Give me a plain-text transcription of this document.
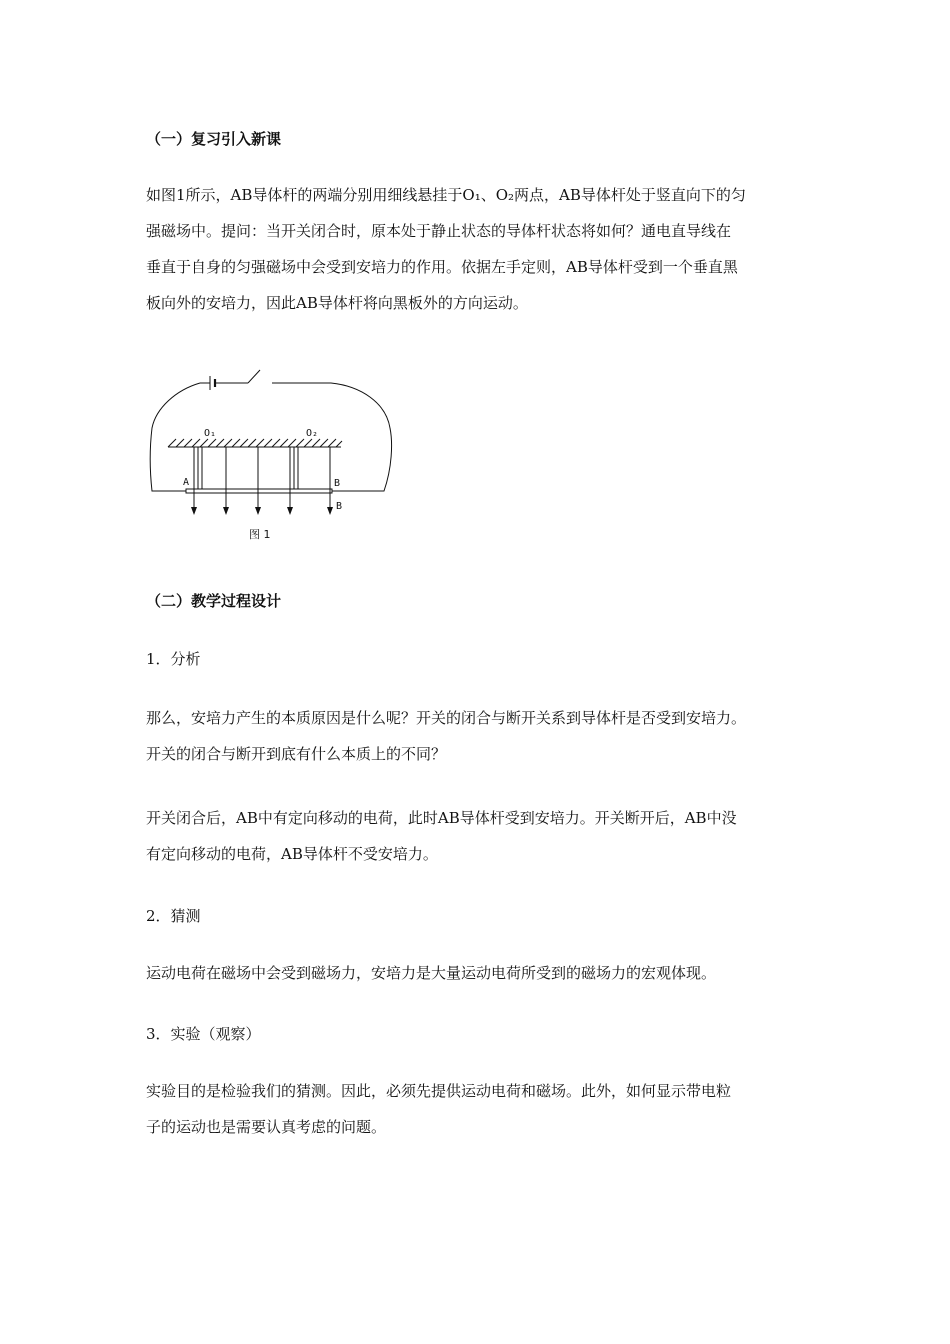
（一）复习引入新课
如图1所示，AB导体杆的两端分别用细线悬挂于O₁、O₂两点，AB导体杆处于竖直向下的匀
强磁场中。提问：当开关闭合时，原本处于静止状态的导体杆状态将如何？通电直导线在
垂直于自身的匀强磁场中会受到安培力的作用。依据左手定则，AB导体杆受到一个垂直黑
板向外的安培力，因此AB导体杆将向黑板外的方向运动。
O₁	O₂
A	B
B
图 1
（二）教学过程设计
1．分析
那么，安培力产生的本质原因是什么呢？开关的闭合与断开关系到导体杆是否受到安培力。
开关的闭合与断开到底有什么本质上的不同？
开关闭合后，AB中有定向移动的电荷，此时AB导体杆受到安培力。开关断开后，AB中没
有定向移动的电荷，AB导体杆不受安培力。
2．猜测
运动电荷在磁场中会受到磁场力，安培力是大量运动电荷所受到的磁场力的宏观体现。
3．实验（观察）
实验目的是检验我们的猜测。因此，必须先提供运动电荷和磁场。此外，如何显示带电粒
子的运动也是需要认真考虑的问题。
